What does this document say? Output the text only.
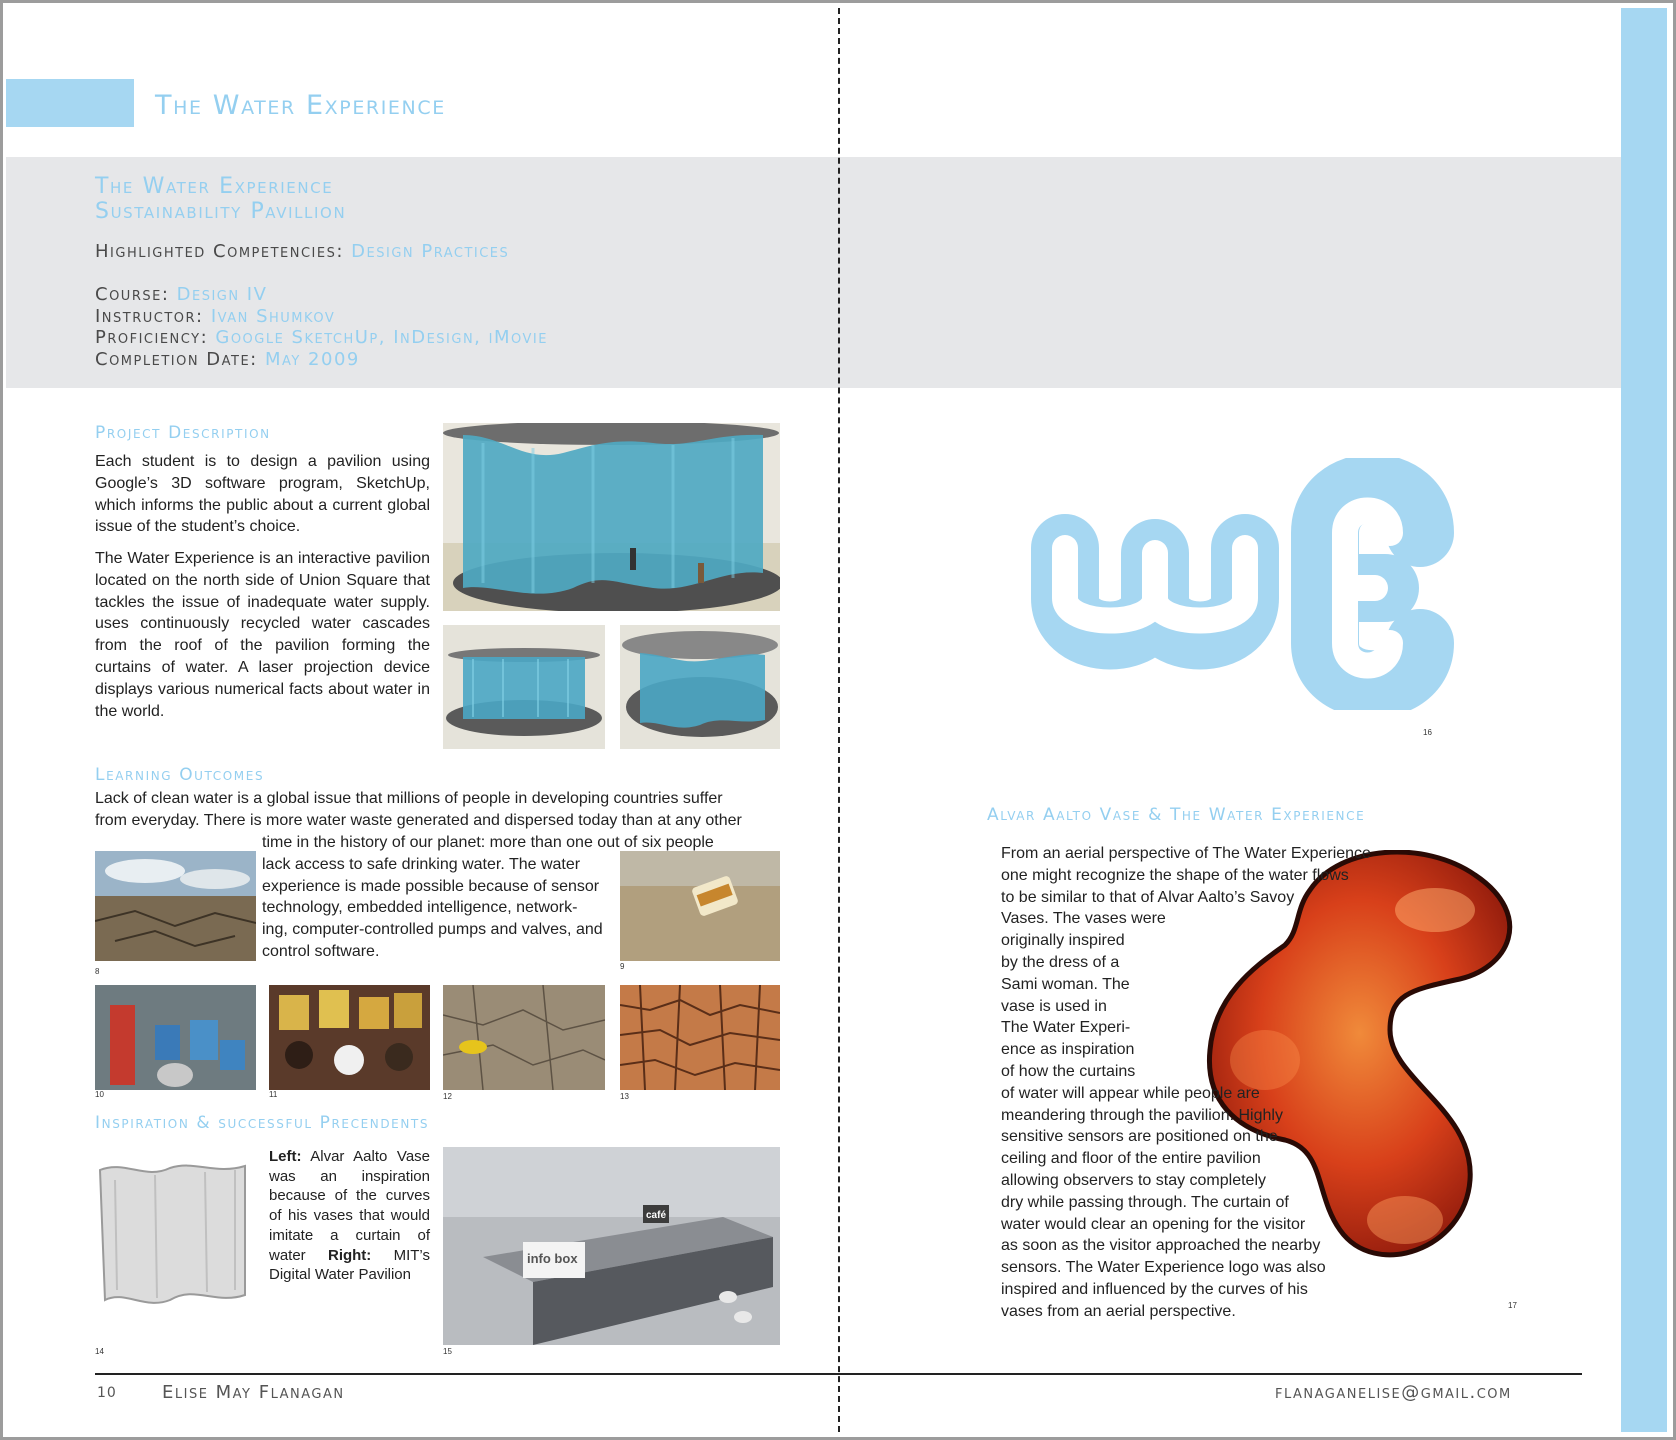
The Water Experience
The Water Experience
Sustainability Pavillion
Highlighted Competencies: Design Practices
Course: Design IV
Instructor: Ivan Shumkov
Proficiency: Google SketchUp, InDesign, iMovie
Completion Date: May 2009
Project Description
Each student is to design a pavilion using Google’s 3D software program, SketchUp, which informs the public about a current global issue of the student’s choice.
The Water Experience is an interactive pavilion located on the north side of Union Square that tackles the issue of inadequate water supply. uses continuously recycled water cascades from the roof of the pavilion forming the curtains of water. A laser projection device displays various numerical facts about water in the world.
Learning Outcomes
Lack of clean water is a global issue that millions of people in developing countries suffer
from everyday. There is more water waste generated and dispersed today than at any other
time in the history of our planet: more than one out of six people
lack access to safe drinking water. The water
experience is made possible because of sensor
technology, embedded intelligence, network-
ing, computer-controlled pumps and valves, and
control software.
8
9
10	11	12	13
Inspiration & successful Precendents
14
Left: Alvar Aalto Vase was an inspiration because of the curves of his vases that would imitate a curtain of water Right: MIT’s Digital Water Pavilion
info box
café
15
16
Alvar Aalto Vase & The Water Experience
17
From an aerial perspective of The Water Experience
one might recognize the shape of the water flows
to be similar to that of Alvar Aalto’s Savoy
Vases. The vases were
originally inspired
by the dress of a
Sami woman. The
vase is used in
The Water Experi-
ence as inspiration
of how the curtains
of water will appear while people are
meandering through the pavilion. Highly
sensitive sensors are positioned on the
ceiling and floor of the entire pavilion
allowing observers to stay completely
dry while passing through. The curtain of
water would clear an opening for the visitor
as soon as the visitor approached the nearby
sensors. The Water Experience logo was also
inspired and influenced by the curves of his
vases from an aerial perspective.
10	Elise May Flanagan	flanaganelise@gmail.com
